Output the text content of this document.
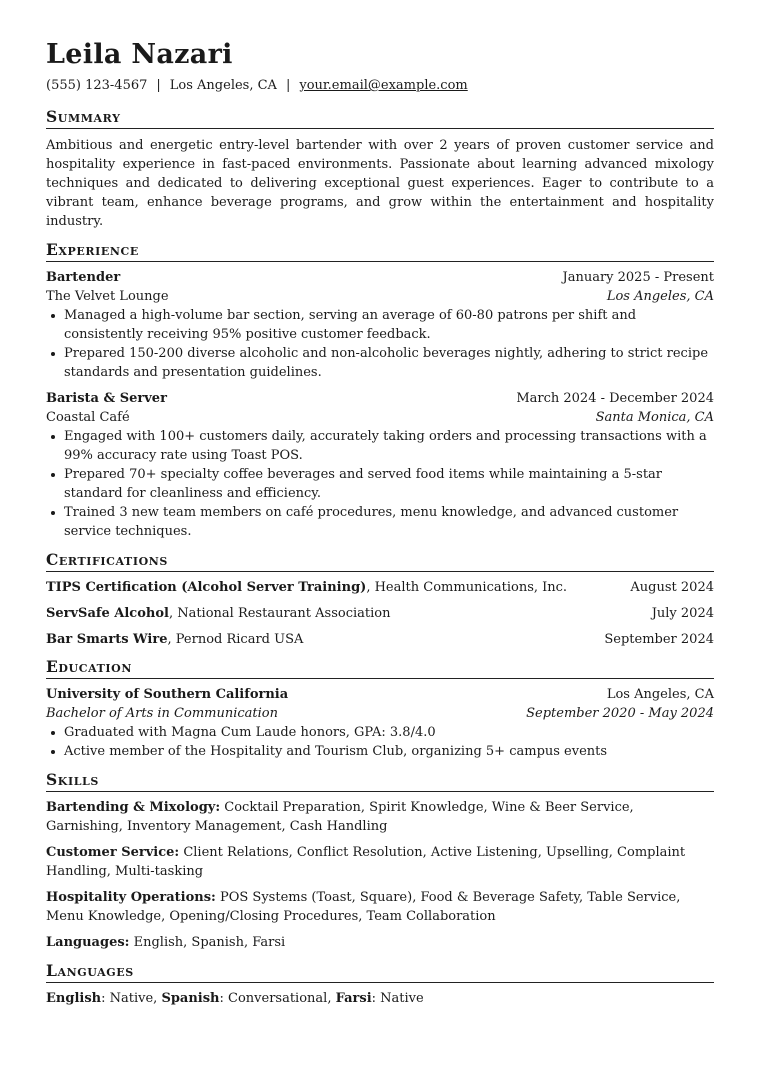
Leila Nazari
(555) 123-4567 | Los Angeles, CA | your.email@example.com
Summary
Ambitious and energetic entry-level bartender with over 2 years of proven customer service and hospitality experience in fast-paced environments. Passionate about learning advanced mixology techniques and dedicated to delivering exceptional guest experiences. Eager to contribute to a vibrant team, enhance beverage programs, and grow within the entertainment and hospitality industry.
Experience
Bartender	January 2025 - Present
The Velvet Lounge	Los Angeles, CA
Managed a high-volume bar section, serving an average of 60-80 patrons per shift and consistently receiving 95% positive customer feedback.
Prepared 150-200 diverse alcoholic and non-alcoholic beverages nightly, adhering to strict recipe standards and presentation guidelines.
Barista & Server	March 2024 - December 2024
Coastal Café	Santa Monica, CA
Engaged with 100+ customers daily, accurately taking orders and processing transactions with a 99% accuracy rate using Toast POS.
Prepared 70+ specialty coffee beverages and served food items while maintaining a 5-star standard for cleanliness and efficiency.
Trained 3 new team members on café procedures, menu knowledge, and advanced customer service techniques.
Certifications
TIPS Certification (Alcohol Server Training), Health Communications, Inc.	August 2024
ServSafe Alcohol, National Restaurant Association	July 2024
Bar Smarts Wire, Pernod Ricard USA	September 2024
Education
University of Southern California	Los Angeles, CA
Bachelor of Arts in Communication	September 2020 - May 2024
Graduated with Magna Cum Laude honors, GPA: 3.8/4.0
Active member of the Hospitality and Tourism Club, organizing 5+ campus events
Skills
Bartending & Mixology: Cocktail Preparation, Spirit Knowledge, Wine & Beer Service, Garnishing, Inventory Management, Cash Handling
Customer Service: Client Relations, Conflict Resolution, Active Listening, Upselling, Complaint Handling, Multi-tasking
Hospitality Operations: POS Systems (Toast, Square), Food & Beverage Safety, Table Service, Menu Knowledge, Opening/Closing Procedures, Team Collaboration
Languages: English, Spanish, Farsi
Languages
English: Native, Spanish: Conversational, Farsi: Native
